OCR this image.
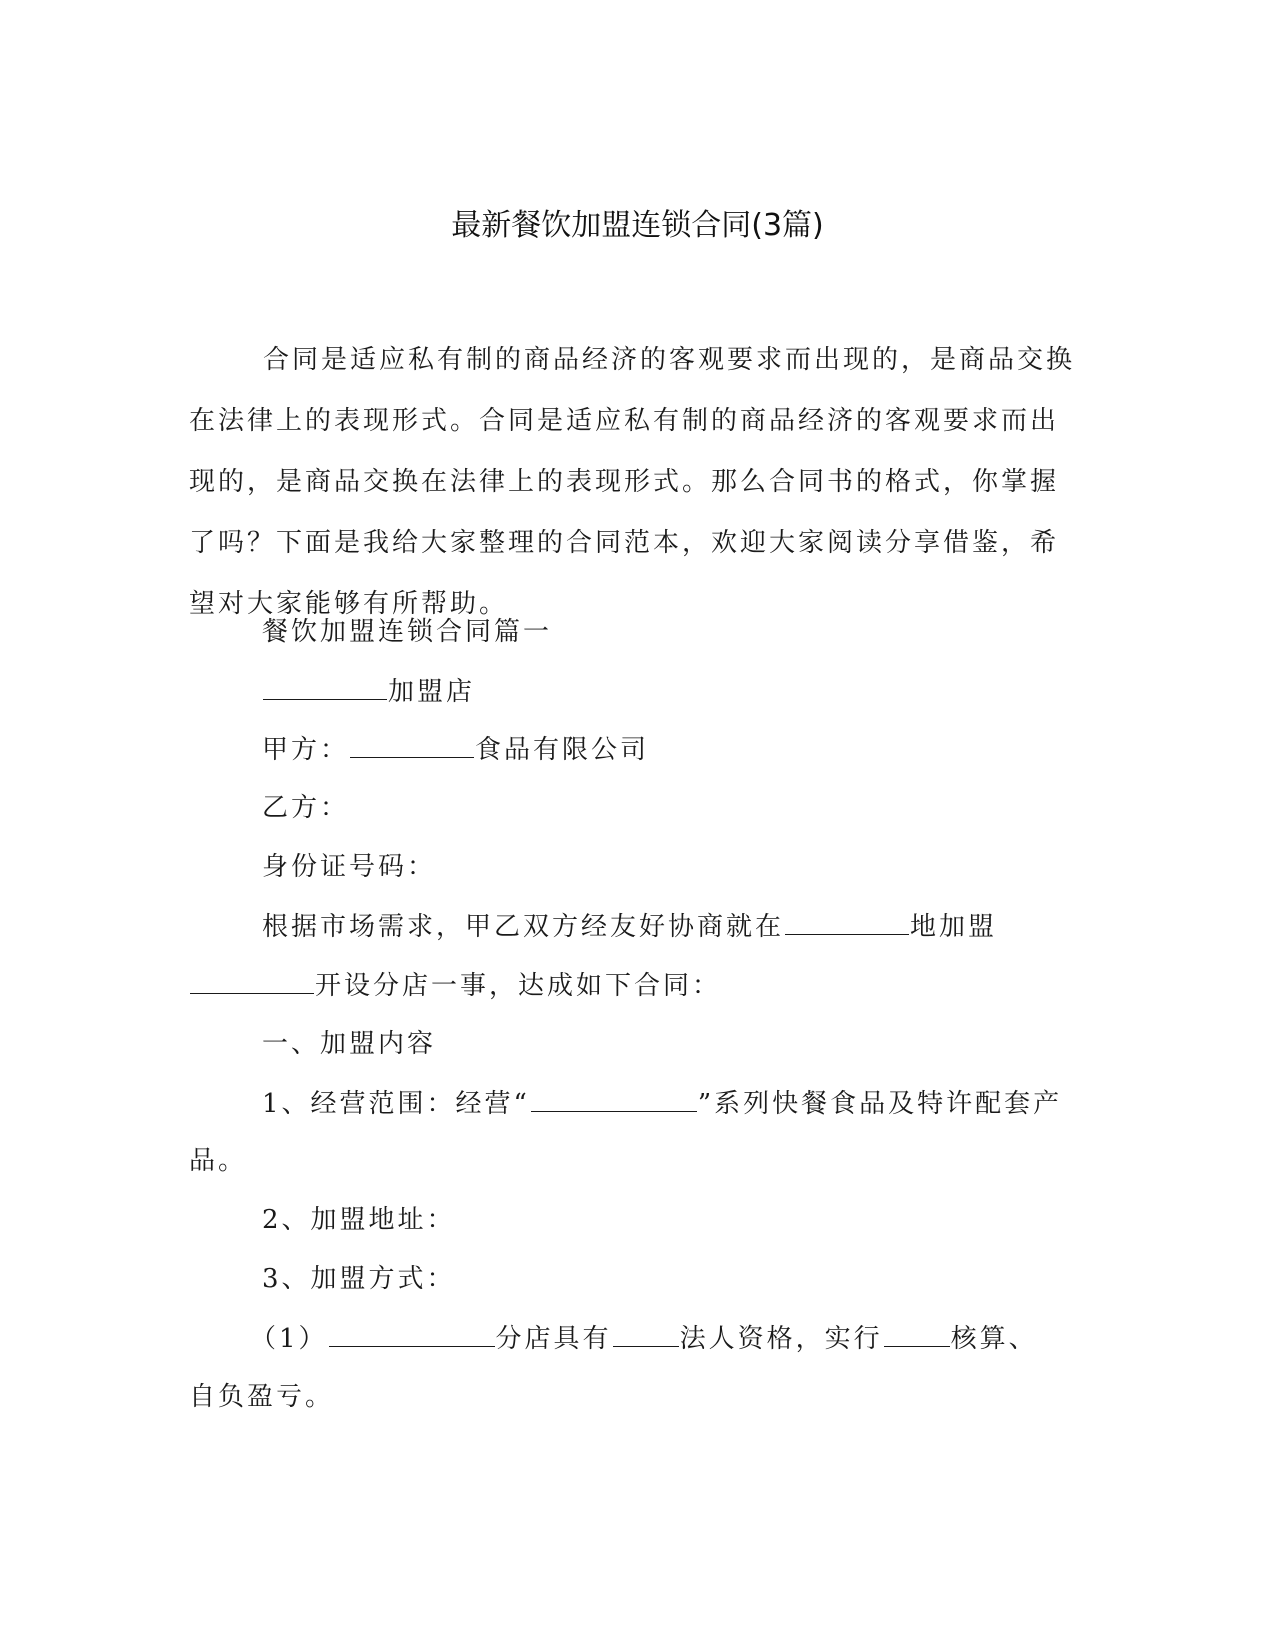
最新餐饮加盟连锁合同(3篇)
合同是适应私有制的商品经济的客观要求而出现的，是商品交换在法律上的表现形式。合同是适应私有制的商品经济的客观要求而出现的，是商品交换在法律上的表现形式。那么合同书的格式，你掌握了吗？下面是我给大家整理的合同范本，欢迎大家阅读分享借鉴，希望对大家能够有所帮助。
餐饮加盟连锁合同篇一
加盟店
甲方：	食品有限公司
乙方：
身份证号码：
根据市场需求，甲乙双方经友好协商就在	地加盟
开设分店一事，达成如下合同：
一、加盟内容
1、经营范围：经营“	”系列快餐食品及特许配套产
品。
2、加盟地址：
3、加盟方式：
（1）	分店具有	法人资格，实行	核算、
自负盈亏。
